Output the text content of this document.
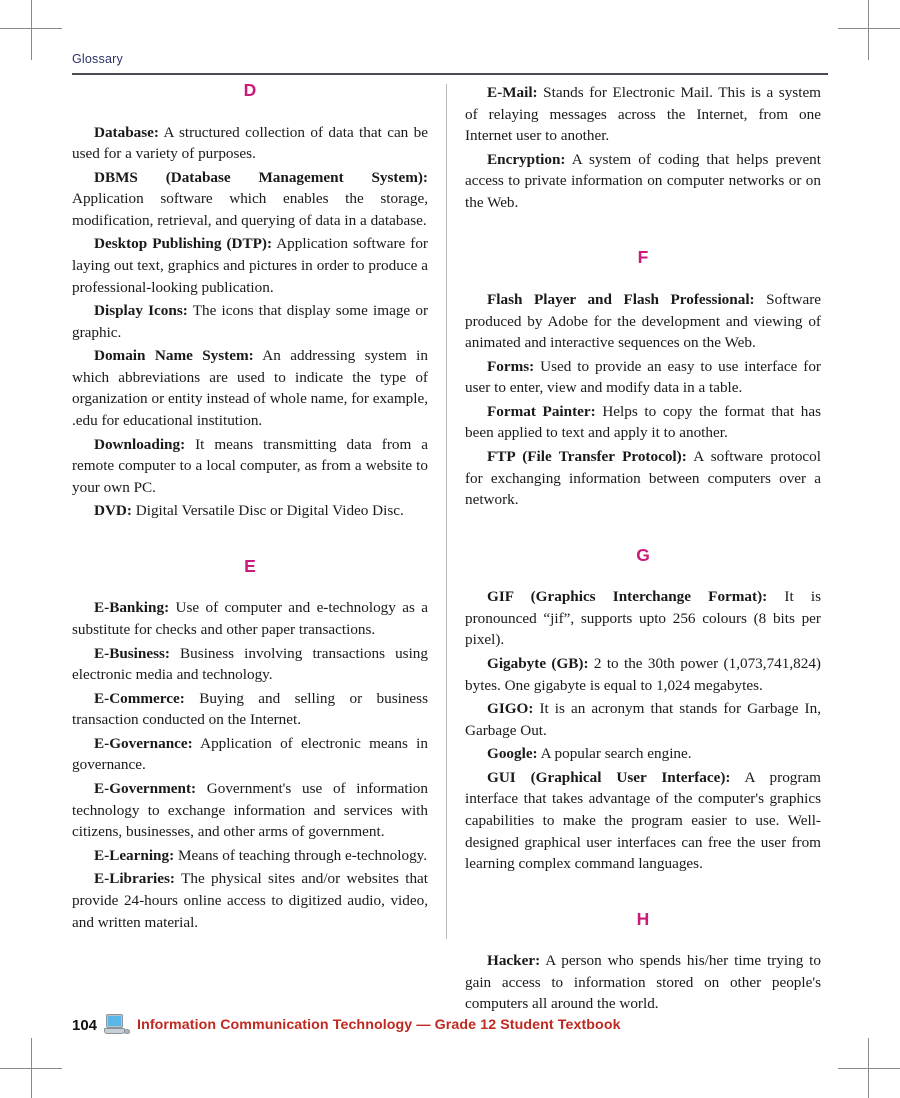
Glossary
D

Database: A structured collection of data that can be used for a variety of purposes.

DBMS (Database Management System): Application software which enables the storage, modification, retrieval, and querying of data in a database.

Desktop Publishing (DTP): Application software for laying out text, graphics and pictures in order to produce a professional-looking publication.

Display Icons: The icons that display some image or graphic.

Domain Name System: An addressing system in which abbreviations are used to indicate the type of organization or entity instead of whole name, for example, .edu for educational institution.

Downloading: It means transmitting data from a remote computer to a local computer, as from a website to your own PC.

DVD: Digital Versatile Disc or Digital Video Disc.

E

E-Banking: Use of computer and e-technology as a substitute for checks and other paper transactions.

E-Business: Business involving transactions using electronic media and technology.

E-Commerce: Buying and selling or business transaction conducted on the Internet.

E-Governance: Application of electronic means in governance.

E-Government: Government's use of information technology to exchange information and services with citizens, businesses, and other arms of government.

E-Learning: Means of teaching through e-technology.

E-Libraries: The physical sites and/or websites that provide 24-hours online access to digitized audio, video, and written material.

E-Mail: Stands for Electronic Mail. This is a system of relaying messages across the Internet, from one Internet user to another.

Encryption: A system of coding that helps prevent access to private information on computer networks or on the Web.

F

Flash Player and Flash Professional: Software produced by Adobe for the development and viewing of animated and interactive sequences on the Web.

Forms: Used to provide an easy to use interface for user to enter, view and modify data in a table.

Format Painter: Helps to copy the format that has been applied to text and apply it to another.

FTP (File Transfer Protocol): A software protocol for exchanging information between computers over a network.

G

GIF (Graphics Interchange Format): It is pronounced “jif”, supports upto 256 colours (8 bits per pixel).

Gigabyte (GB): 2 to the 30th power (1,073,741,824) bytes. One gigabyte is equal to 1,024 megabytes.

GIGO: It is an acronym that stands for Garbage In, Garbage Out.

Google: A popular search engine.

GUI (Graphical User Interface): A program interface that takes advantage of the computer's graphics capabilities to make the program easier to use. Well-designed graphical user interfaces can free the user from learning complex command languages.

H

Hacker: A person who spends his/her time trying to gain access to information stored on other people's computers all around the world.

104	Information Communication Technology — Grade 12 Student Textbook
